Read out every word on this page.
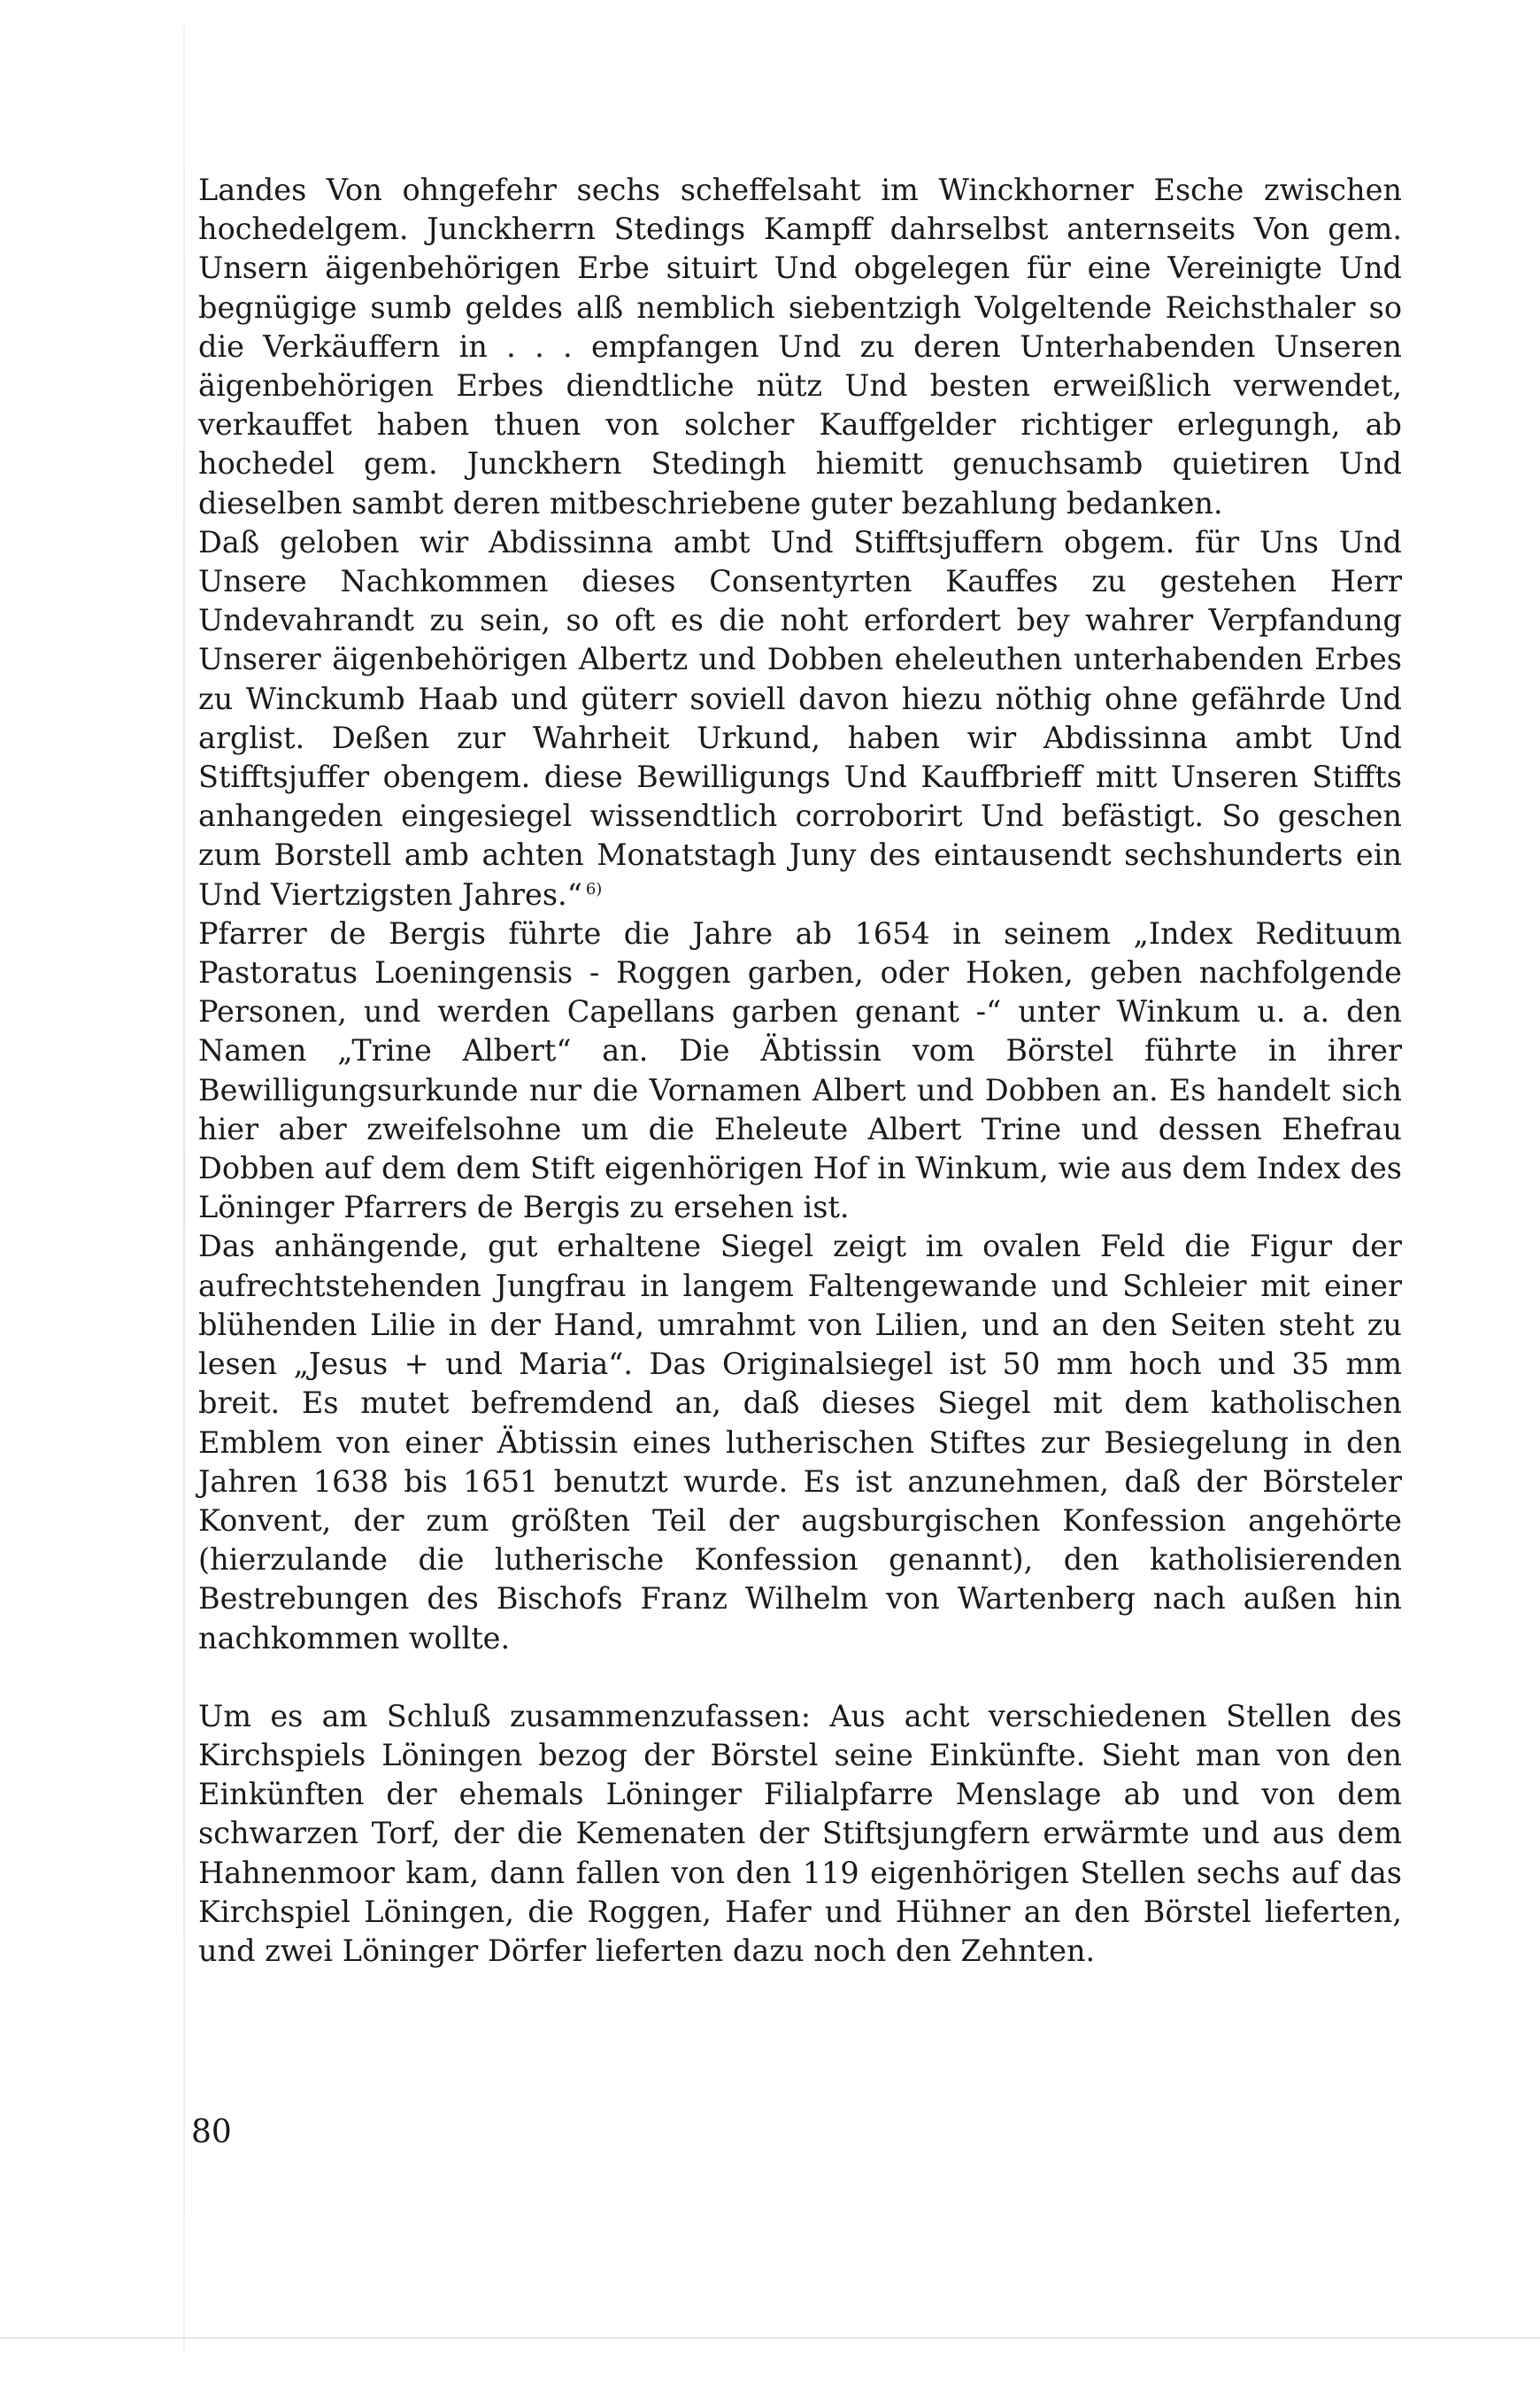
Landes Von ohngefehr sechs scheffelsaht im Winckhorner Esche zwischen hochedelgem. Junckherrn Stedings Kampff dahrselbst anternseits Von gem. Unsern äigenbehörigen Erbe situirt Und obgelegen für eine Vereinigte Und begnügige sumb geldes alß nemblich siebentzigh Volgeltende Reichsthaler so die Verkäuffern in . . . empfangen Und zu deren Unterhabenden Unseren äigenbehörigen Erbes diendtliche nütz Und besten erweißlich verwendet, verkauffet haben thuen von solcher Kauffgelder richtiger erlegungh, ab hochedel gem. Junckhern Stedingh hiemitt genuchsamb quietiren Und dieselben sambt deren mitbeschriebene guter bezahlung bedanken.

Daß geloben wir Abdissinna ambt Und Stifftsjuffern obgem. für Uns Und Unsere Nachkommen dieses Consentyrten Kauffes zu gestehen Herr Undevahrandt zu sein, so oft es die noht erfordert bey wahrer Verpfandung Unserer äigenbehörigen Albertz und Dobben eheleuthen unterhabenden Erbes zu Winckumb Haab und güterr soviell davon hiezu nöthig ohne gefährde Und arglist. Deßen zur Wahrheit Urkund, haben wir Abdissinna ambt Und Stifftsjuffer obengem. diese Bewilligungs Und Kauffbrieff mitt Unseren Stiffts anhangeden eingesiegel wissendtlich corroborirt Und befästigt. So geschen zum Borstell amb achten Monatstagh Juny des eintausendt sechshunderts ein Und Viertzigsten Jahres.“ $^{6)}$

Pfarrer de Bergis führte die Jahre ab 1654 in seinem „Index Redituum Pastoratus Loeningensis - Roggen garben, oder Hoken, geben nachfolgende Personen, und werden Capellans garben genant -“ unter Winkum u. a. den Namen „Trine Albert“ an. Die Äbtissin vom Börstel führte in ihrer Bewilligungsurkunde nur die Vornamen Albert und Dobben an. Es handelt sich hier aber zweifelsohne um die Eheleute Albert Trine und dessen Ehefrau Dobben auf dem dem Stift eigenhörigen Hof in Winkum, wie aus dem Index des Löninger Pfarrers de Bergis zu ersehen ist.

Das anhängende, gut erhaltene Siegel zeigt im ovalen Feld die Figur der aufrechtstehenden Jungfrau in langem Faltengewande und Schleier mit einer blühenden Lilie in der Hand, umrahmt von Lilien, und an den Seiten steht zu lesen „Jesus + und Maria“. Das Originalsiegel ist 50 mm hoch und 35 mm breit. Es mutet befremdend an, daß dieses Siegel mit dem katholischen Emblem von einer Äbtissin eines lutherischen Stiftes zur Besiegelung in den Jahren 1638 bis 1651 benutzt wurde. Es ist anzunehmen, daß der Börsteler Konvent, der zum größten Teil der augsburgischen Konfession angehörte (hierzulande die lutherische Konfession genannt), den katholisierenden Bestrebungen des Bischofs Franz Wilhelm von Wartenberg nach außen hin nachkommen wollte.

Um es am Schluß zusammenzufassen: Aus acht verschiedenen Stellen des Kirchspiels Löningen bezog der Börstel seine Einkünfte. Sieht man von den Einkünften der ehemals Löninger Filialpfarre Menslage ab und von dem schwarzen Torf, der die Kemenaten der Stiftsjungfern erwärmte und aus dem Hahnenmoor kam, dann fallen von den 119 eigenhörigen Stellen sechs auf das Kirchspiel Löningen, die Roggen, Hafer und Hühner an den Börstel lieferten, und zwei Löninger Dörfer lieferten dazu noch den Zehnten.

80
